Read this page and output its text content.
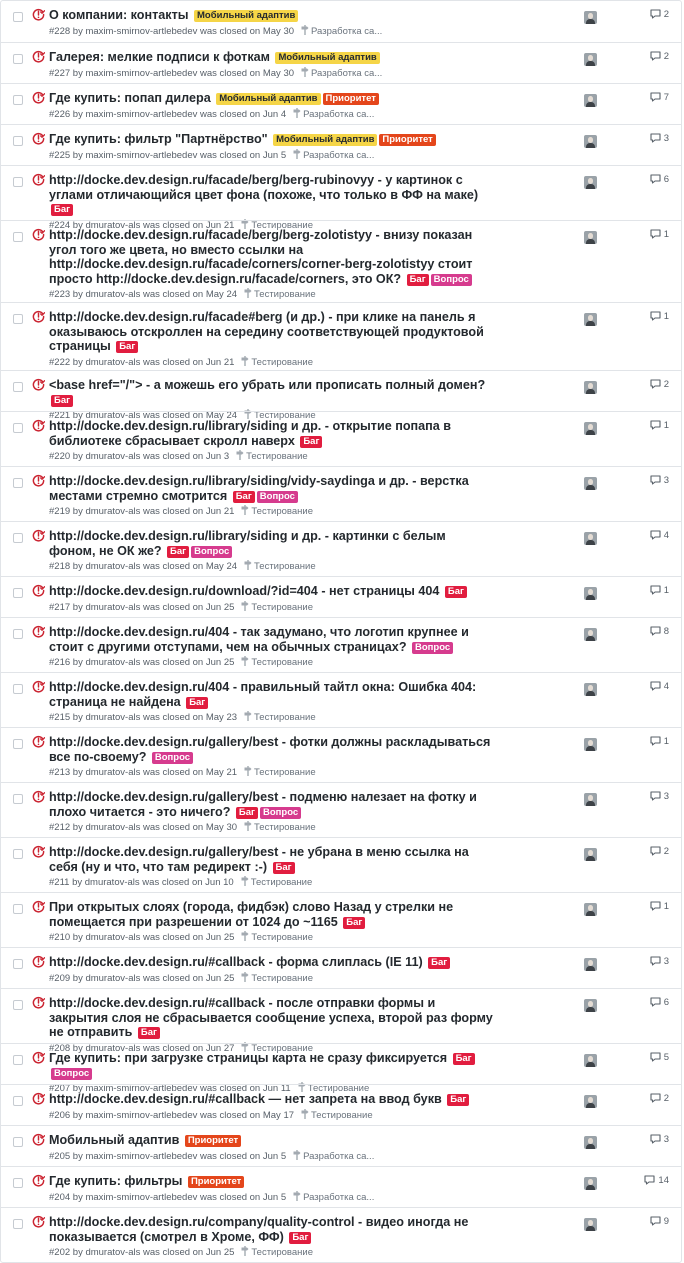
О компании: контакты Мобильный адаптив
#228 by maxim-smirnov-artlebedev was closed on May 30 Разработка са...
2
Галерея: мелкие подписи к фоткам Мобильный адаптив
#227 by maxim-smirnov-artlebedev was closed on May 30 Разработка са...
2
Где купить: попап дилера Мобильный адаптив Приоритет
#226 by maxim-smirnov-artlebedev was closed on Jun 4 Разработка са...
7
Где купить: фильтр "Партнёрство" Мобильный адаптив Приоритет
#225 by maxim-smirnov-artlebedev was closed on Jun 5 Разработка са...
3
http://docke.dev.design.ru/facade/berg/berg-rubinovyy - у картинок с углами отличающийся цвет фона (похоже, что только в ФФ на маке) Баг
#224 by dmuratov-als was closed on Jun 21 Тестирование
6
http://docke.dev.design.ru/facade/berg/berg-zolotistyy - внизу показан угол того же цвета, но вместо ссылки на http://docke.dev.design.ru/facade/corners/corner-berg-zolotistyy стоит просто http://docke.dev.design.ru/facade/corners, это ОК? Баг Вопрос
#223 by dmuratov-als was closed on May 24 Тестирование
1
http://docke.dev.design.ru/facade#berg (и др.) - при клике на панель я оказываюсь отскроллен на середину соответствующей продуктовой страницы Баг
#222 by dmuratov-als was closed on Jun 21 Тестирование
1
<base href="/"> - а можешь его убрать или прописать полный домен? Баг
#221 by dmuratov-als was closed on May 24 Тестирование
2
http://docke.dev.design.ru/library/siding и др. - открытие попапа в библиотеке сбрасывает скролл наверх Баг
#220 by dmuratov-als was closed on Jun 3 Тестирование
1
http://docke.dev.design.ru/library/siding/vidy-saydinga и др. - верстка местами стремно смотрится Баг Вопрос
#219 by dmuratov-als was closed on Jun 21 Тестирование
3
http://docke.dev.design.ru/library/siding и др. - картинки с белым фоном, не ОК же? Баг Вопрос
#218 by dmuratov-als was closed on May 24 Тестирование
4
http://docke.dev.design.ru/download/?id=404 - нет страницы 404 Баг
#217 by dmuratov-als was closed on Jun 25 Тестирование
1
http://docke.dev.design.ru/404 - так задумано, что логотип крупнее и стоит с другими отступами, чем на обычных страницах? Вопрос
#216 by dmuratov-als was closed on Jun 25 Тестирование
8
http://docke.dev.design.ru/404 - правильный тайтл окна: Ошибка 404: страница не найдена Баг
#215 by dmuratov-als was closed on May 23 Тестирование
4
http://docke.dev.design.ru/gallery/best - фотки должны раскладываться все по-своему? Вопрос
#213 by dmuratov-als was closed on May 21 Тестирование
1
http://docke.dev.design.ru/gallery/best - подменю налезает на фотку и плохо читается - это ничего? Баг Вопрос
#212 by dmuratov-als was closed on May 30 Тестирование
3
http://docke.dev.design.ru/gallery/best - не убрана в меню ссылка на себя (ну и что, что там редирект :-) Баг
#211 by dmuratov-als was closed on Jun 10 Тестирование
2
При открытых слоях (города, фидбэк) слово Назад у стрелки не помещается при разрешении от 1024 до ~1165 Баг
#210 by dmuratov-als was closed on Jun 25 Тестирование
1
http://docke.dev.design.ru/#callback - форма слиплась (IE 11) Баг
#209 by dmuratov-als was closed on Jun 25 Тестирование
3
http://docke.dev.design.ru/#callback - после отправки формы и закрытия слоя не сбрасывается сообщение успеха, второй раз форму не отправить Баг
#208 by dmuratov-als was closed on Jun 27 Тестирование
6
Где купить: при загрузке страницы карта не сразу фиксируется БагВопрос
#207 by maxim-smirnov-artlebedev was closed on Jun 11 Тестирование
5
http://docke.dev.design.ru/#callback — нет запрета на ввод букв Баг
#206 by maxim-smirnov-artlebedev was closed on May 17 Тестирование
2
Мобильный адаптив Приоритет
#205 by maxim-smirnov-artlebedev was closed on Jun 5 Разработка са...
3
Где купить: фильтры Приоритет
#204 by maxim-smirnov-artlebedev was closed on Jun 5 Разработка са...
14
http://docke.dev.design.ru/company/quality-control - видео иногда не показывается (смотрел в Хроме, ФФ) Баг
#202 by dmuratov-als was closed on Jun 25 Тестирование
9
